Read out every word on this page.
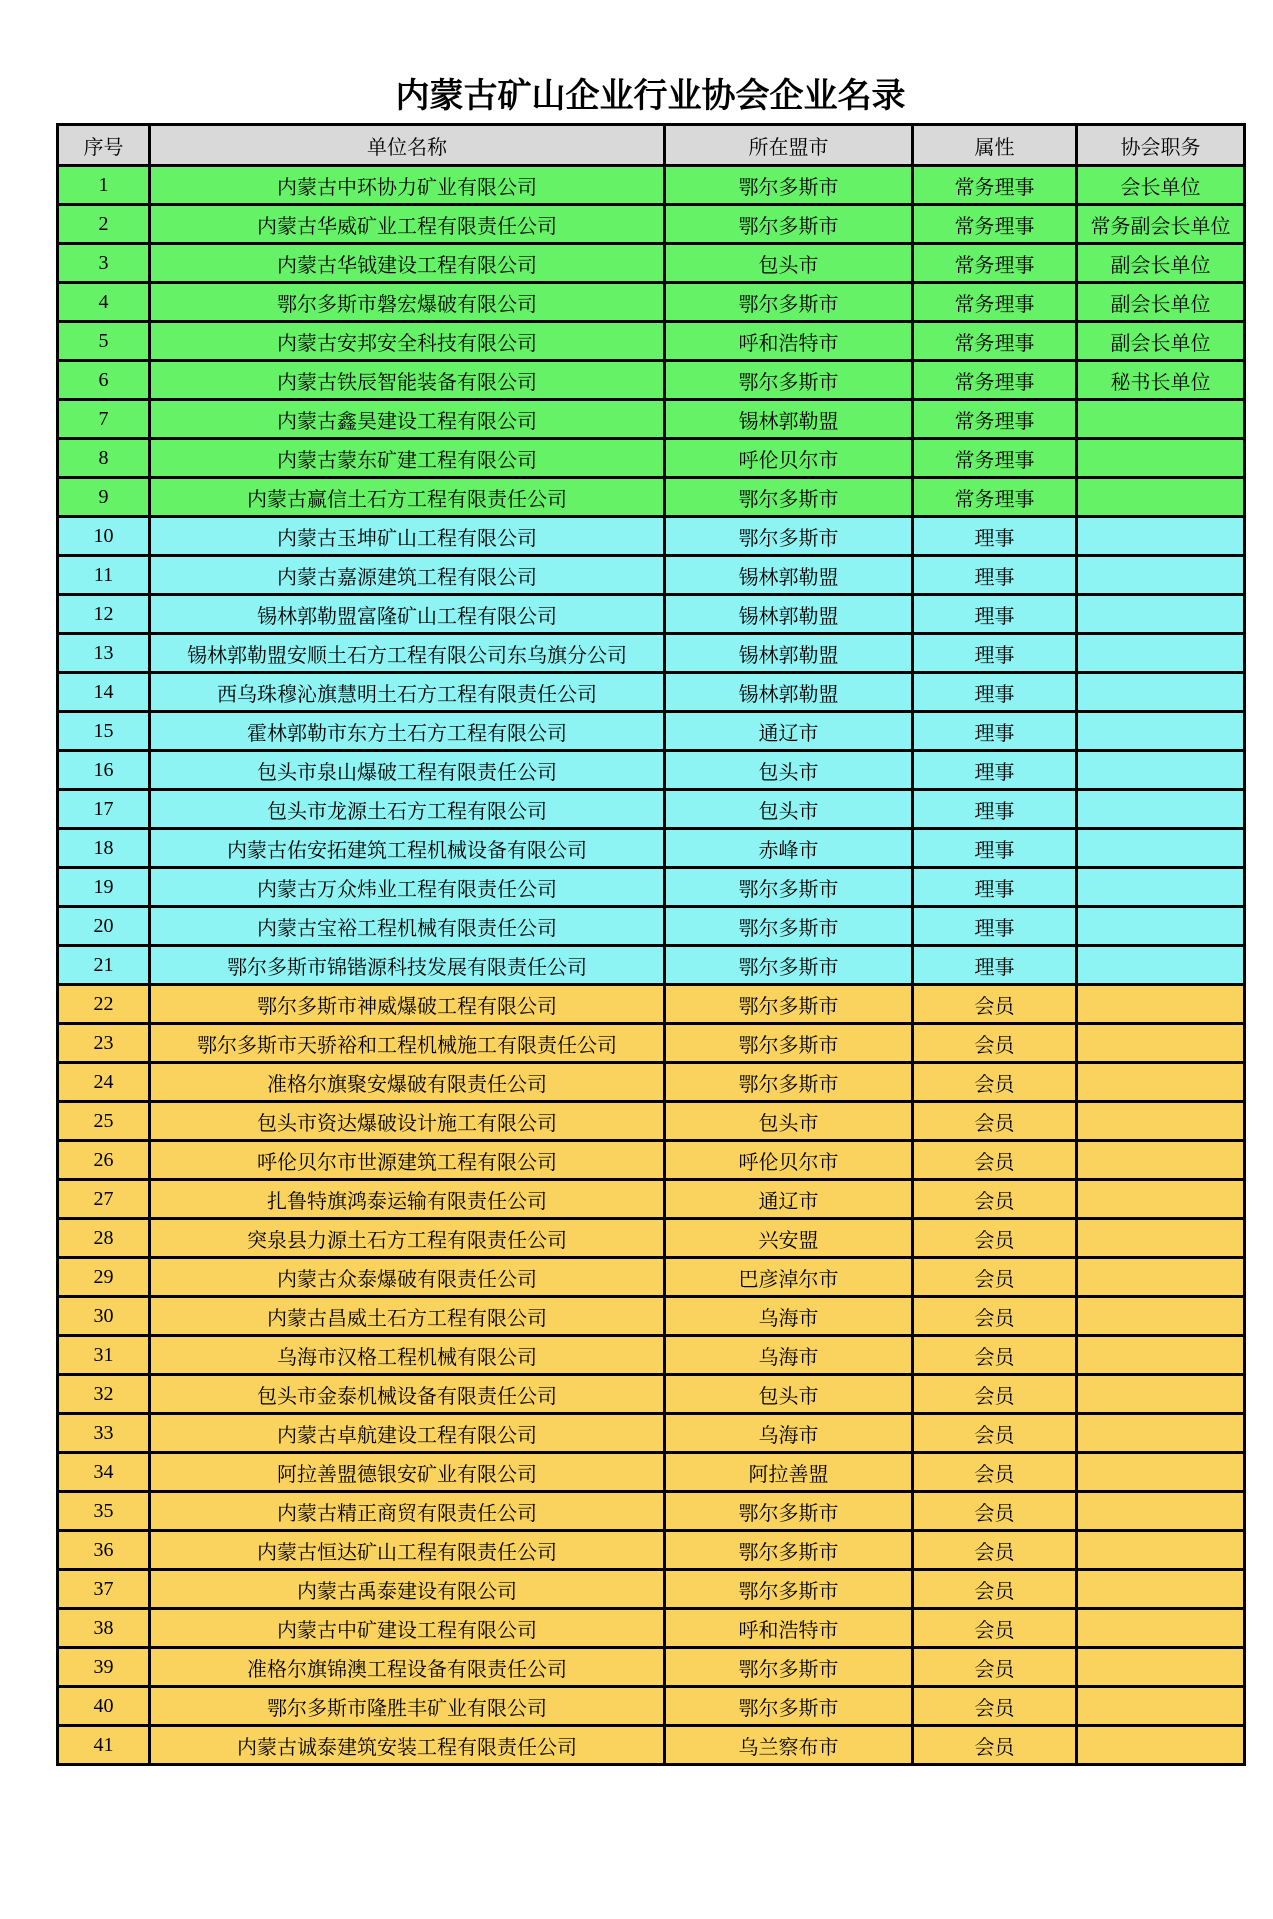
内蒙古矿山企业行业协会企业名录
序号	单位名称	所在盟市	属性	协会职务
1	内蒙古中环协力矿业有限公司	鄂尔多斯市	常务理事	会长单位
2	内蒙古华威矿业工程有限责任公司	鄂尔多斯市	常务理事	常务副会长单位
3	内蒙古华钺建设工程有限公司	包头市	常务理事	副会长单位
4	鄂尔多斯市磐宏爆破有限公司	鄂尔多斯市	常务理事	副会长单位
5	内蒙古安邦安全科技有限公司	呼和浩特市	常务理事	副会长单位
6	内蒙古铁辰智能装备有限公司	鄂尔多斯市	常务理事	秘书长单位
7	内蒙古鑫昊建设工程有限公司	锡林郭勒盟	常务理事	
8	内蒙古蒙东矿建工程有限公司	呼伦贝尔市	常务理事	
9	内蒙古赢信土石方工程有限责任公司	鄂尔多斯市	常务理事	
10	内蒙古玉坤矿山工程有限公司	鄂尔多斯市	理事	
11	内蒙古嘉源建筑工程有限公司	锡林郭勒盟	理事	
12	锡林郭勒盟富隆矿山工程有限公司	锡林郭勒盟	理事	
13	锡林郭勒盟安顺土石方工程有限公司东乌旗分公司	锡林郭勒盟	理事	
14	西乌珠穆沁旗慧明土石方工程有限责任公司	锡林郭勒盟	理事	
15	霍林郭勒市东方土石方工程有限公司	通辽市	理事	
16	包头市泉山爆破工程有限责任公司	包头市	理事	
17	包头市龙源土石方工程有限公司	包头市	理事	
18	内蒙古佑安拓建筑工程机械设备有限公司	赤峰市	理事	
19	内蒙古万众炜业工程有限责任公司	鄂尔多斯市	理事	
20	内蒙古宝裕工程机械有限责任公司	鄂尔多斯市	理事	
21	鄂尔多斯市锦锴源科技发展有限责任公司	鄂尔多斯市	理事	
22	鄂尔多斯市神威爆破工程有限公司	鄂尔多斯市	会员	
23	鄂尔多斯市天骄裕和工程机械施工有限责任公司	鄂尔多斯市	会员	
24	准格尔旗聚安爆破有限责任公司	鄂尔多斯市	会员	
25	包头市资达爆破设计施工有限公司	包头市	会员	
26	呼伦贝尔市世源建筑工程有限公司	呼伦贝尔市	会员	
27	扎鲁特旗鸿泰运输有限责任公司	通辽市	会员	
28	突泉县力源土石方工程有限责任公司	兴安盟	会员	
29	内蒙古众泰爆破有限责任公司	巴彦淖尔市	会员	
30	内蒙古昌威土石方工程有限公司	乌海市	会员	
31	乌海市汉格工程机械有限公司	乌海市	会员	
32	包头市金泰机械设备有限责任公司	包头市	会员	
33	内蒙古卓航建设工程有限公司	乌海市	会员	
34	阿拉善盟德银安矿业有限公司	阿拉善盟	会员	
35	内蒙古精正商贸有限责任公司	鄂尔多斯市	会员	
36	内蒙古恒达矿山工程有限责任公司	鄂尔多斯市	会员	
37	内蒙古禹泰建设有限公司	鄂尔多斯市	会员	
38	内蒙古中矿建设工程有限公司	呼和浩特市	会员	
39	准格尔旗锦澳工程设备有限责任公司	鄂尔多斯市	会员	
40	鄂尔多斯市隆胜丰矿业有限公司	鄂尔多斯市	会员	
41	内蒙古诚泰建筑安装工程有限责任公司	乌兰察布市	会员	
